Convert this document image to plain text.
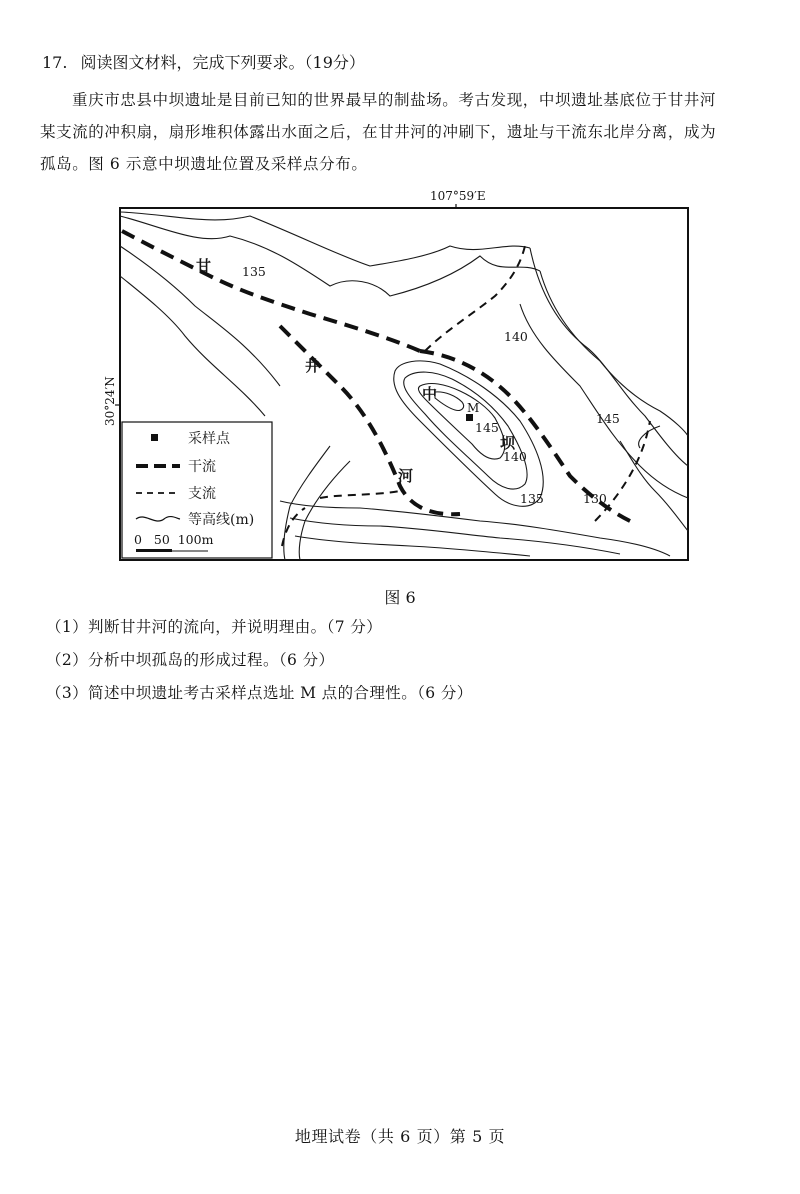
17. 阅读图文材料，完成下列要求。（19分）
重庆市忠县中坝遗址是目前已知的世界最早的制盐场。考古发现，中坝遗址基底位于甘井河
某支流的冲积扇，扇形堆积体露出水面之后，在甘井河的冲刷下，遗址与干流东北岸分离，成为
孤岛。图 6 示意中坝遗址位置及采样点分布。
107°59′E
30°24′N
甘
井
河
中
坝
M
135
140
145
145
140
135	130
采样点
干流
支流
等高线(m)
0   50  100m
图 6
（1）判断甘井河的流向，并说明理由。（7 分）
（2）分析中坝孤岛的形成过程。（6 分）
（3）简述中坝遗址考古采样点选址 M 点的合理性。（6 分）
地理试卷（共 6 页）第 5 页
